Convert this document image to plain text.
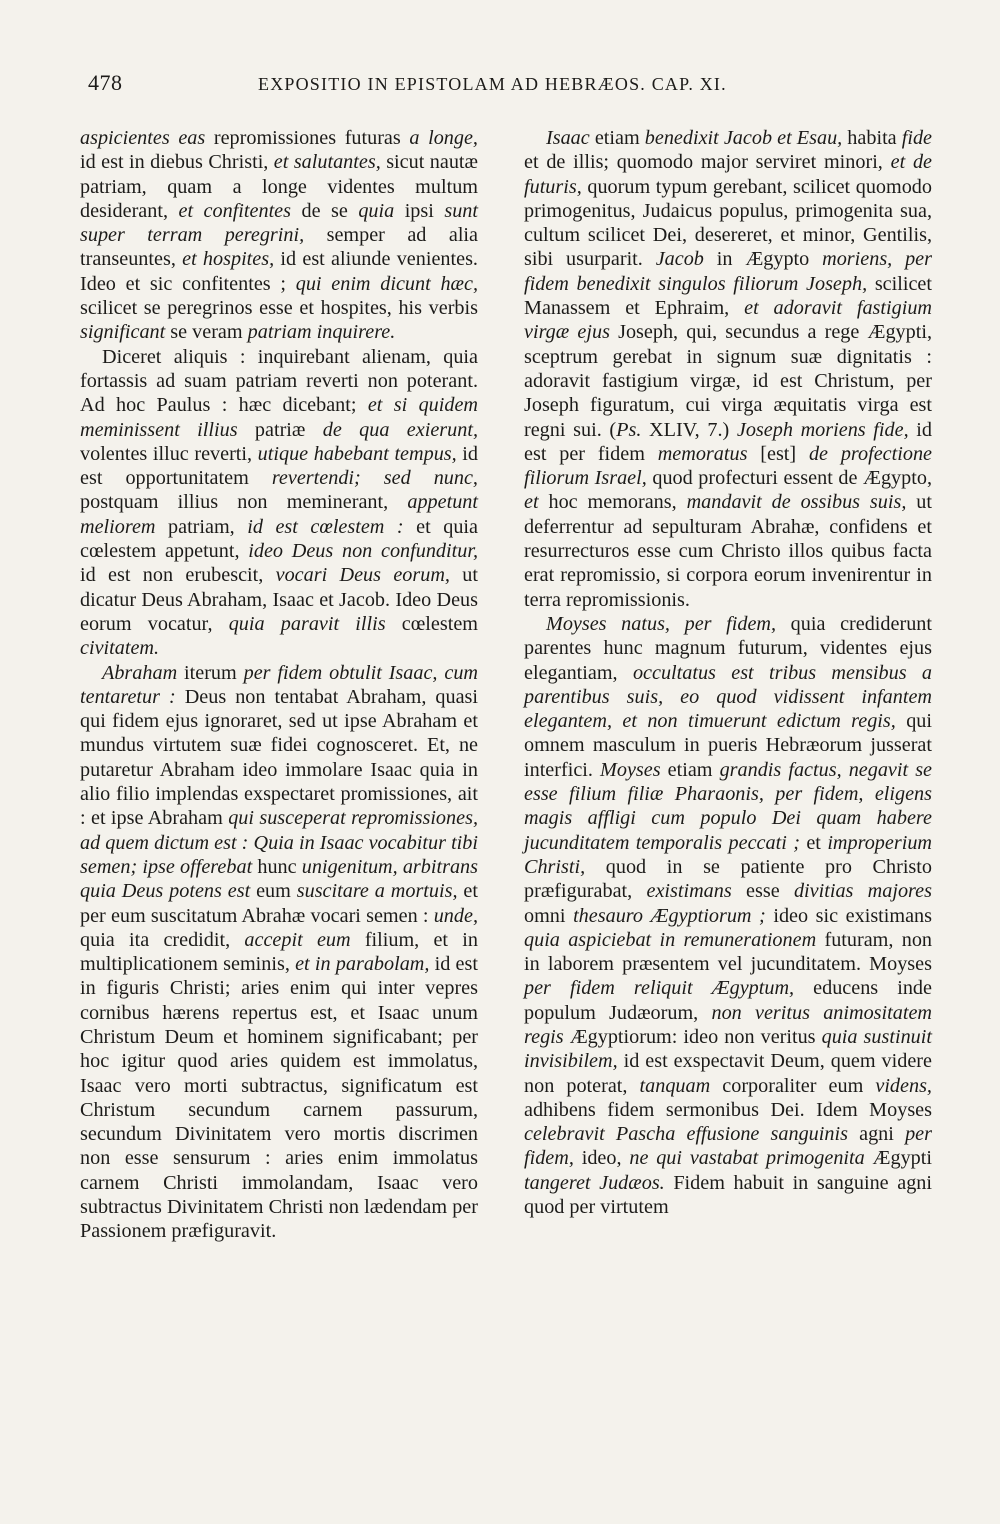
478	EXPOSITIO IN EPISTOLAM AD HEBRÆOS. CAP. XI.

aspicientes eas repromissiones futuras a longe, id est in diebus Christi, et salutantes, sicut nautæ patriam, quam a longe videntes multum desiderant, et confitentes de se quia ipsi sunt super terram peregrini, semper ad alia transeuntes, et hospites, id est aliunde venientes. Ideo et sic confitentes ; qui enim dicunt hæc, scilicet se peregrinos esse et hospites, his verbis significant se veram patriam inquirere.

Diceret aliquis : inquirebant alienam, quia fortassis ad suam patriam reverti non poterant. Ad hoc Paulus : hæc dicebant; et si quidem meminissent illius patriæ de qua exierunt, volentes illuc reverti, utique habebant tempus, id est opportunitatem revertendi; sed nunc, postquam illius non meminerant, appetunt meliorem patriam, id est cœlestem : et quia cœlestem appetunt, ideo Deus non confunditur, id est non erubescit, vocari Deus eorum, ut dicatur Deus Abraham, Isaac et Jacob. Ideo Deus eorum vocatur, quia paravit illis cœlestem civitatem.

Abraham iterum per fidem obtulit Isaac, cum tentaretur : Deus non tentabat Abraham, quasi qui fidem ejus ignoraret, sed ut ipse Abraham et mundus virtutem suæ fidei cognosceret. Et, ne putaretur Abraham ideo immolare Isaac quia in alio filio implendas exspectaret promissiones, ait : et ipse Abraham qui susceperat repromissiones, ad quem dictum est : Quia in Isaac vocabitur tibi semen; ipse offerebat hunc unigenitum, arbitrans quia Deus potens est eum suscitare a mortuis, et per eum suscitatum Abrahæ vocari semen : unde, quia ita credidit, accepit eum filium, et in multiplicationem seminis, et in parabolam, id est in figuris Christi; aries enim qui inter vepres cornibus hærens repertus est, et Isaac unum Christum Deum et hominem significabant; per hoc igitur quod aries quidem est immolatus, Isaac vero morti subtractus, significatum est Christum secundum carnem passurum, secundum Divinitatem vero mortis discrimen non esse sensurum : aries enim immolatus carnem Christi immolandam, Isaac vero subtractus Divinitatem Christi non lædendam per Passionem præfiguravit.

Isaac etiam benedixit Jacob et Esau, habita fide et de illis; quomodo major serviret minori, et de futuris, quorum typum gerebant, scilicet quomodo primogenitus, Judaicus populus, primogenita sua, cultum scilicet Dei, desereret, et minor, Gentilis, sibi usurparit. Jacob in Ægypto moriens, per fidem benedixit singulos filiorum Joseph, scilicet Manassem et Ephraim, et adoravit fastigium virgæ ejus Joseph, qui, secundus a rege Ægypti, sceptrum gerebat in signum suæ dignitatis : adoravit fastigium virgæ, id est Christum, per Joseph figuratum, cui virga æquitatis virga est regni sui. (Ps. XLIV, 7.) Joseph moriens fide, id est per fidem memoratus [est] de profectione filiorum Israel, quod profecturi essent de Ægypto, et hoc memorans, mandavit de ossibus suis, ut deferrentur ad sepulturam Abrahæ, confidens et resurrecturos esse cum Christo illos quibus facta erat repromissio, si corpora eorum invenirentur in terra repromissionis.

Moyses natus, per fidem, quia crediderunt parentes hunc magnum futurum, videntes ejus elegantiam, occultatus est tribus mensibus a parentibus suis, eo quod vidissent infantem elegantem, et non timuerunt edictum regis, qui omnem masculum in pueris Hebræorum jusserat interfici. Moyses etiam grandis factus, negavit se esse filium filiæ Pharaonis, per fidem, eligens magis affligi cum populo Dei quam habere jucunditatem temporalis peccati ; et improperium Christi, quod in se patiente pro Christo præfigurabat, existimans esse divitias majores omni thesauro Ægyptiorum ; ideo sic existimans quia aspiciebat in remunerationem futuram, non in laborem præsentem vel jucunditatem. Moyses per fidem reliquit Ægyptum, educens inde populum Judæorum, non veritus animositatem regis Ægyptiorum: ideo non veritus quia sustinuit invisibilem, id est exspectavit Deum, quem videre non poterat, tanquam corporaliter eum videns, adhibens fidem sermonibus Dei. Idem Moyses celebravit Pascha effusione sanguinis agni per fidem, ideo, ne qui vastabat primogenita Ægypti tangeret Judæos. Fidem habuit in sanguine agni quod per virtutem
